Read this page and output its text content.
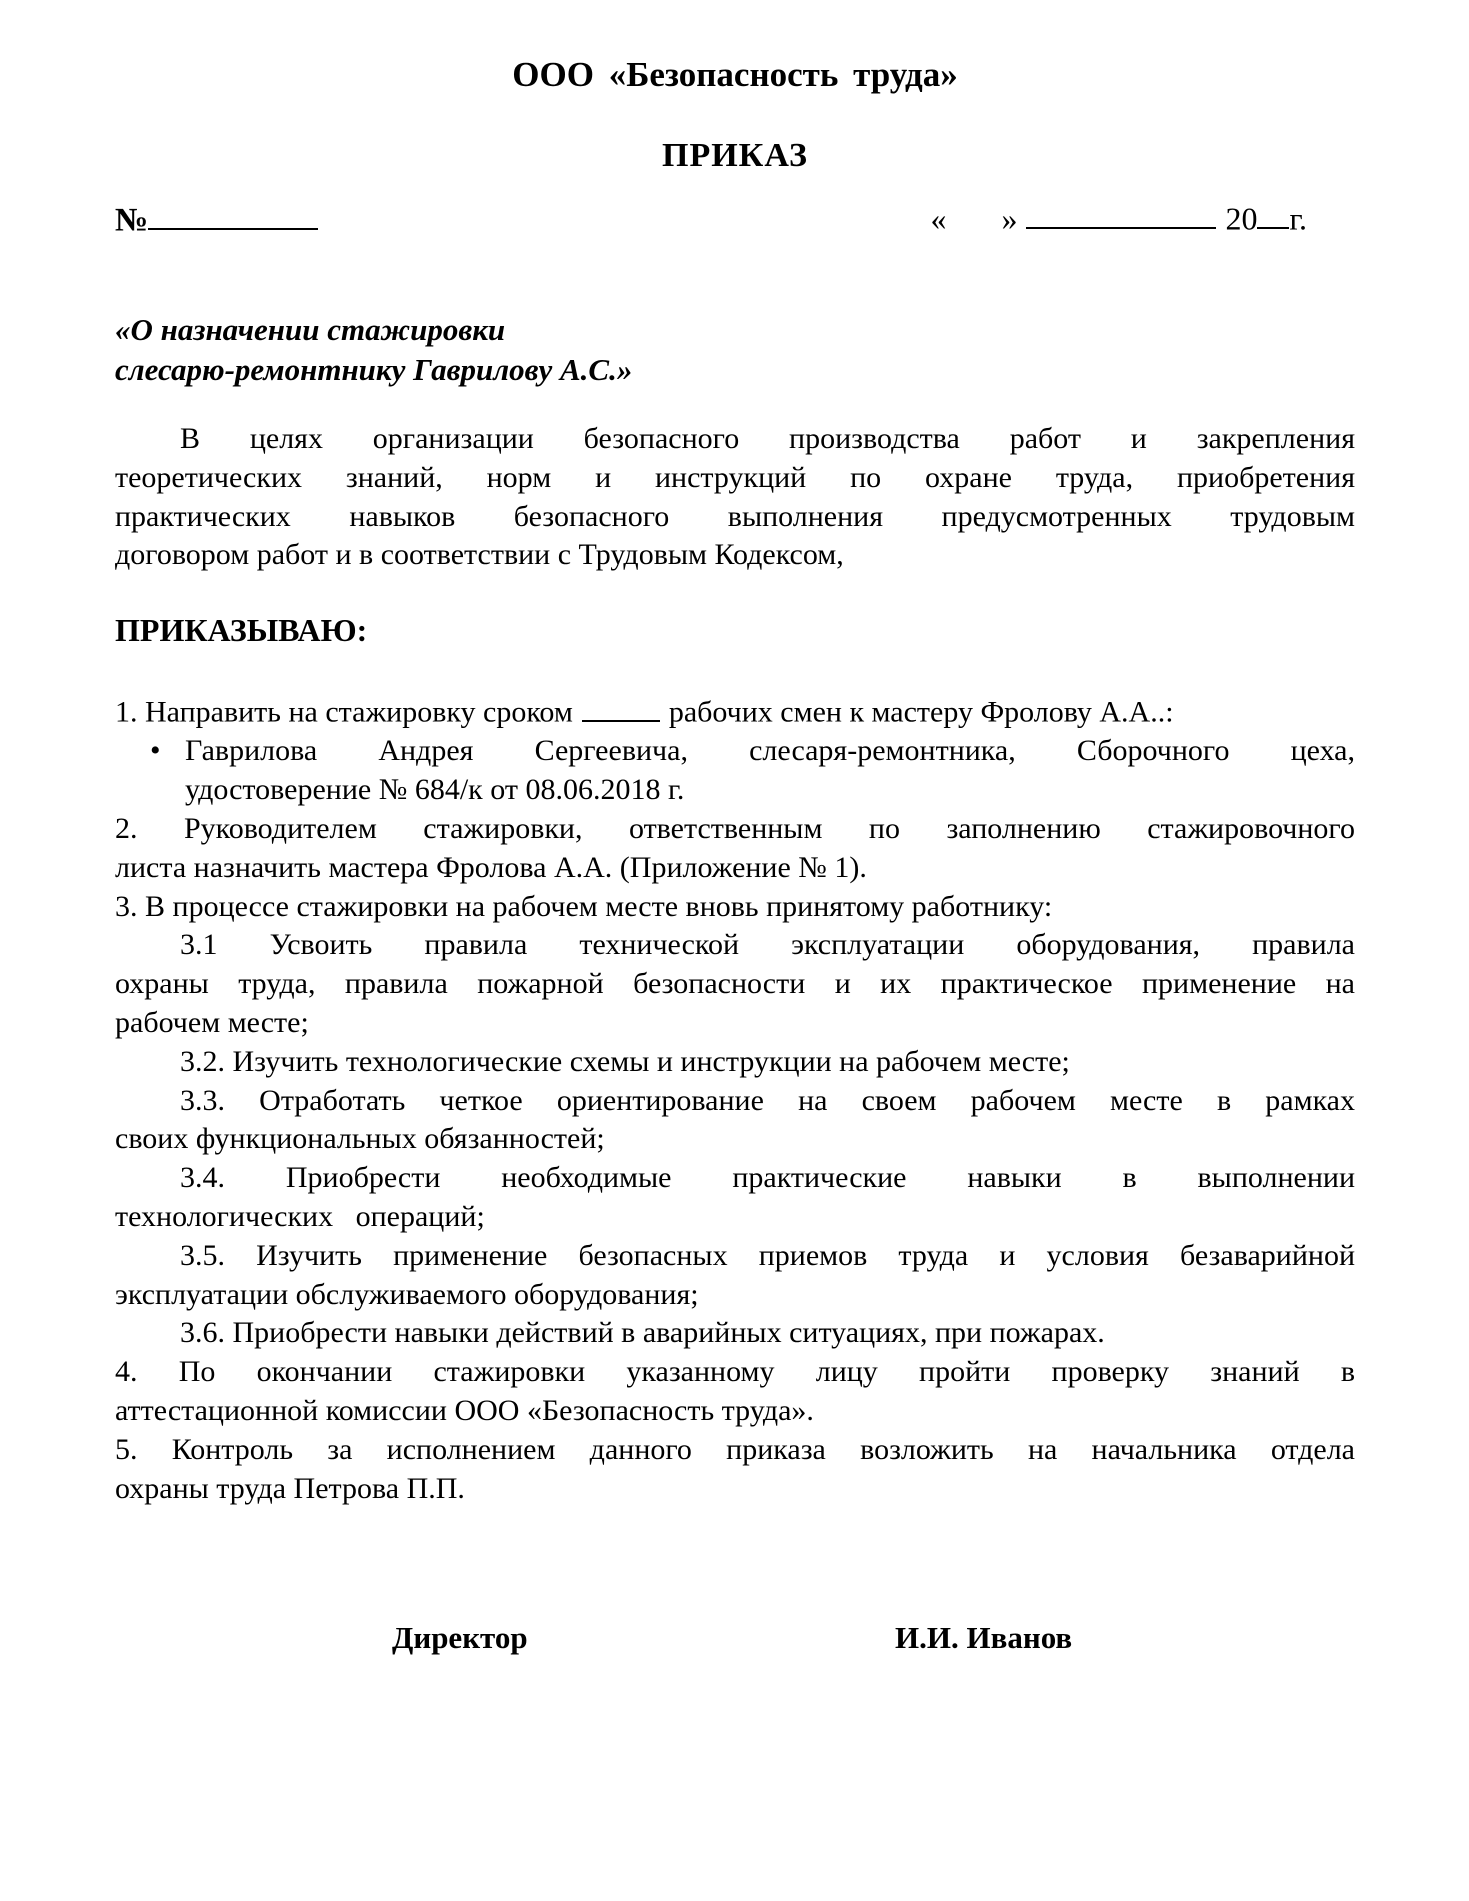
ООО «Безопасность труда»
ПРИКАЗ
№	« »	20 г.
«О назначении стажировки
слесарю-ремонтнику Гаврилову А.С.»
В целях организации безопасного производства работ и закрепления
теоретических знаний, норм и инструкций по охране труда, приобретения
практических навыков безопасного выполнения предусмотренных трудовым
договором работ и в соответствии с Трудовым Кодексом,
ПРИКАЗЫВАЮ:
1. Направить на стажировку сроком	рабочих смен к мастеру Фролову А.А..:
• Гаврилова Андрея Сергеевича, слесаря-ремонтника, Сборочного цеха,
удостоверение № 684/к от 08.06.2018 г.
2. Руководителем стажировки, ответственным по заполнению стажировочного
листа назначить мастера Фролова А.А. (Приложение № 1).
3. В процессе стажировки на рабочем месте вновь принятому работнику:
3.1 Усвоить правила технической эксплуатации оборудования, правила
охраны труда, правила пожарной безопасности и их практическое применение на
рабочем месте;
3.2. Изучить технологические схемы и инструкции на рабочем месте;
3.3. Отработать четкое ориентирование на своем рабочем месте в рамках
своих функциональных обязанностей;
3.4. Приобрести необходимые практические навыки в выполнении
технологических   операций;
3.5. Изучить применение безопасных приемов труда и условия безаварийной
эксплуатации обслуживаемого оборудования;
3.6. Приобрести навыки действий в аварийных ситуациях, при пожарах.
4. По окончании стажировки указанному лицу пройти проверку знаний в
аттестационной комиссии ООО «Безопасность труда».
5. Контроль за исполнением данного приказа возложить на начальника отдела
охраны труда Петрова П.П.
Директор	И.И. Иванов
